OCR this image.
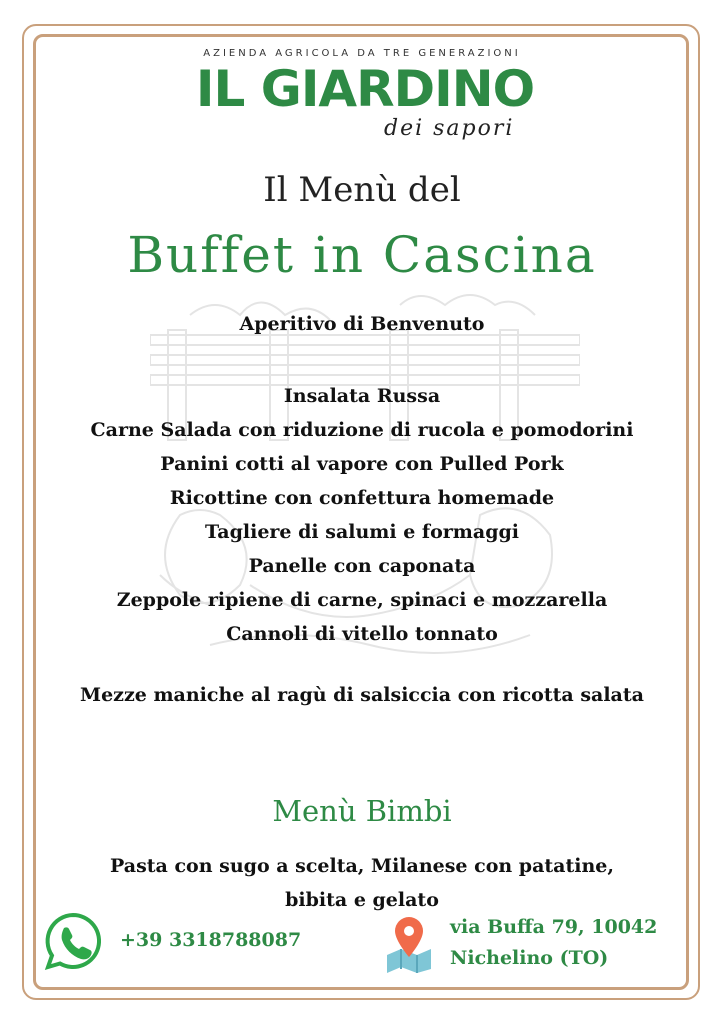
AZIENDA AGRICOLA DA TRE GENERAZIONI
IL GIARDINO
dei sapori
Il Menù del
Buffet in Cascina
Aperitivo di Benvenuto
Insalata Russa
Carne Salada con riduzione di rucola e pomodorini
Panini cotti al vapore con Pulled Pork
Ricottine con confettura homemade
Tagliere di salumi e formaggi
Panelle con caponata
Zeppole ripiene di carne, spinaci e mozzarella
Cannoli di vitello tonnato
Mezze maniche al ragù di salsiccia con ricotta salata
Menù Bimbi
Pasta con sugo a scelta, Milanese con patatine,
bibita e gelato
+39 3318788087
via Buffa 79, 10042
Nichelino (TO)
